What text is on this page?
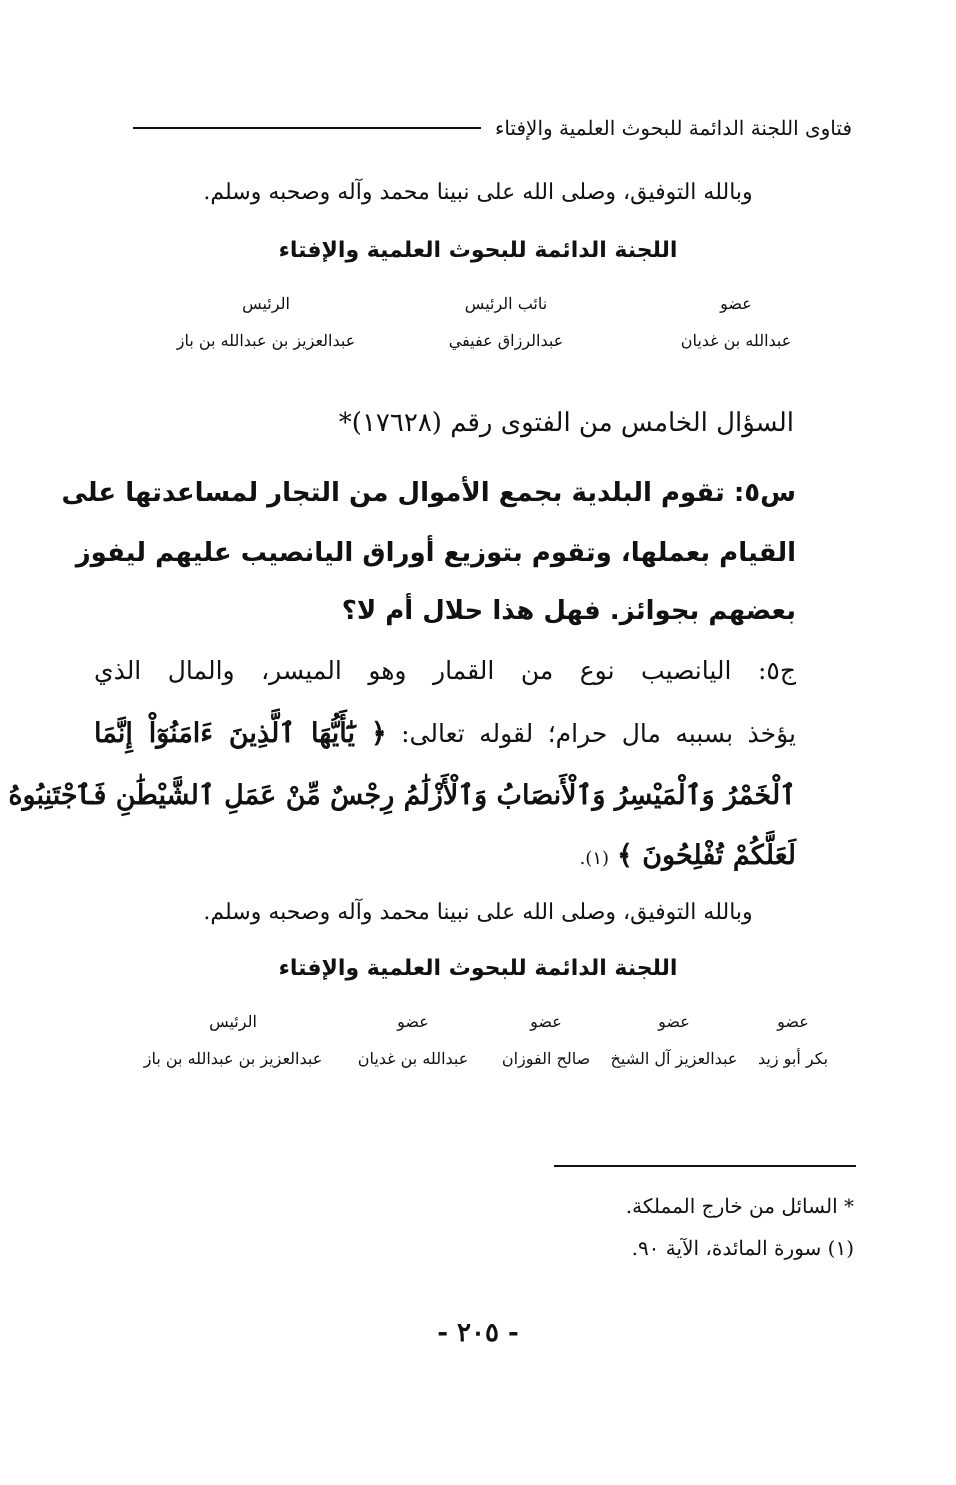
فتاوى اللجنة الدائمة للبحوث العلمية والإفتاء
وبالله التوفيق، وصلى الله على نبينا محمد وآله وصحبه وسلم.
اللجنة الدائمة للبحوث العلمية والإفتاء
عضو
عبدالله بن غديان
نائب الرئيس
عبدالرزاق عفيفي
الرئيس
عبدالعزيز بن عبدالله بن باز
السؤال الخامس من الفتوى رقم (١٧٦٢٨)*
س٥: تقوم البلدية بجمع الأموال من التجار لمساعدتها على
القيام بعملها، وتقوم بتوزيع أوراق اليانصيب عليهم ليفوز
بعضهم بجوائز. فهل هذا حلال أم لا؟
ج٥: اليانصيب نوع من القمار وهو الميسر، والمال الذي
يؤخذ بسببه مال حرام؛ لقوله تعالى: ﴿ يَٰٓأَيُّهَا ٱلَّذِينَ ءَامَنُوٓاْ إِنَّمَا
ٱلْخَمْرُ وَٱلْمَيْسِرُ وَٱلْأَنصَابُ وَٱلْأَزْلَٰمُ رِجْسٌ مِّنْ عَمَلِ ٱلشَّيْطَٰنِ فَٱجْتَنِبُوهُ
لَعَلَّكُمْ تُفْلِحُونَ ﴾ (١).
وبالله التوفيق، وصلى الله على نبينا محمد وآله وصحبه وسلم.
اللجنة الدائمة للبحوث العلمية والإفتاء
عضو
بكر أبو زيد
عضو
عبدالعزيز آل الشيخ
عضو
صالح الفوزان
عضو
عبدالله بن غديان
الرئيس
عبدالعزيز بن عبدالله بن باز
* السائل من خارج المملكة.
(١) سورة المائدة، الآية ٩٠.
- ٢٠٥ -
